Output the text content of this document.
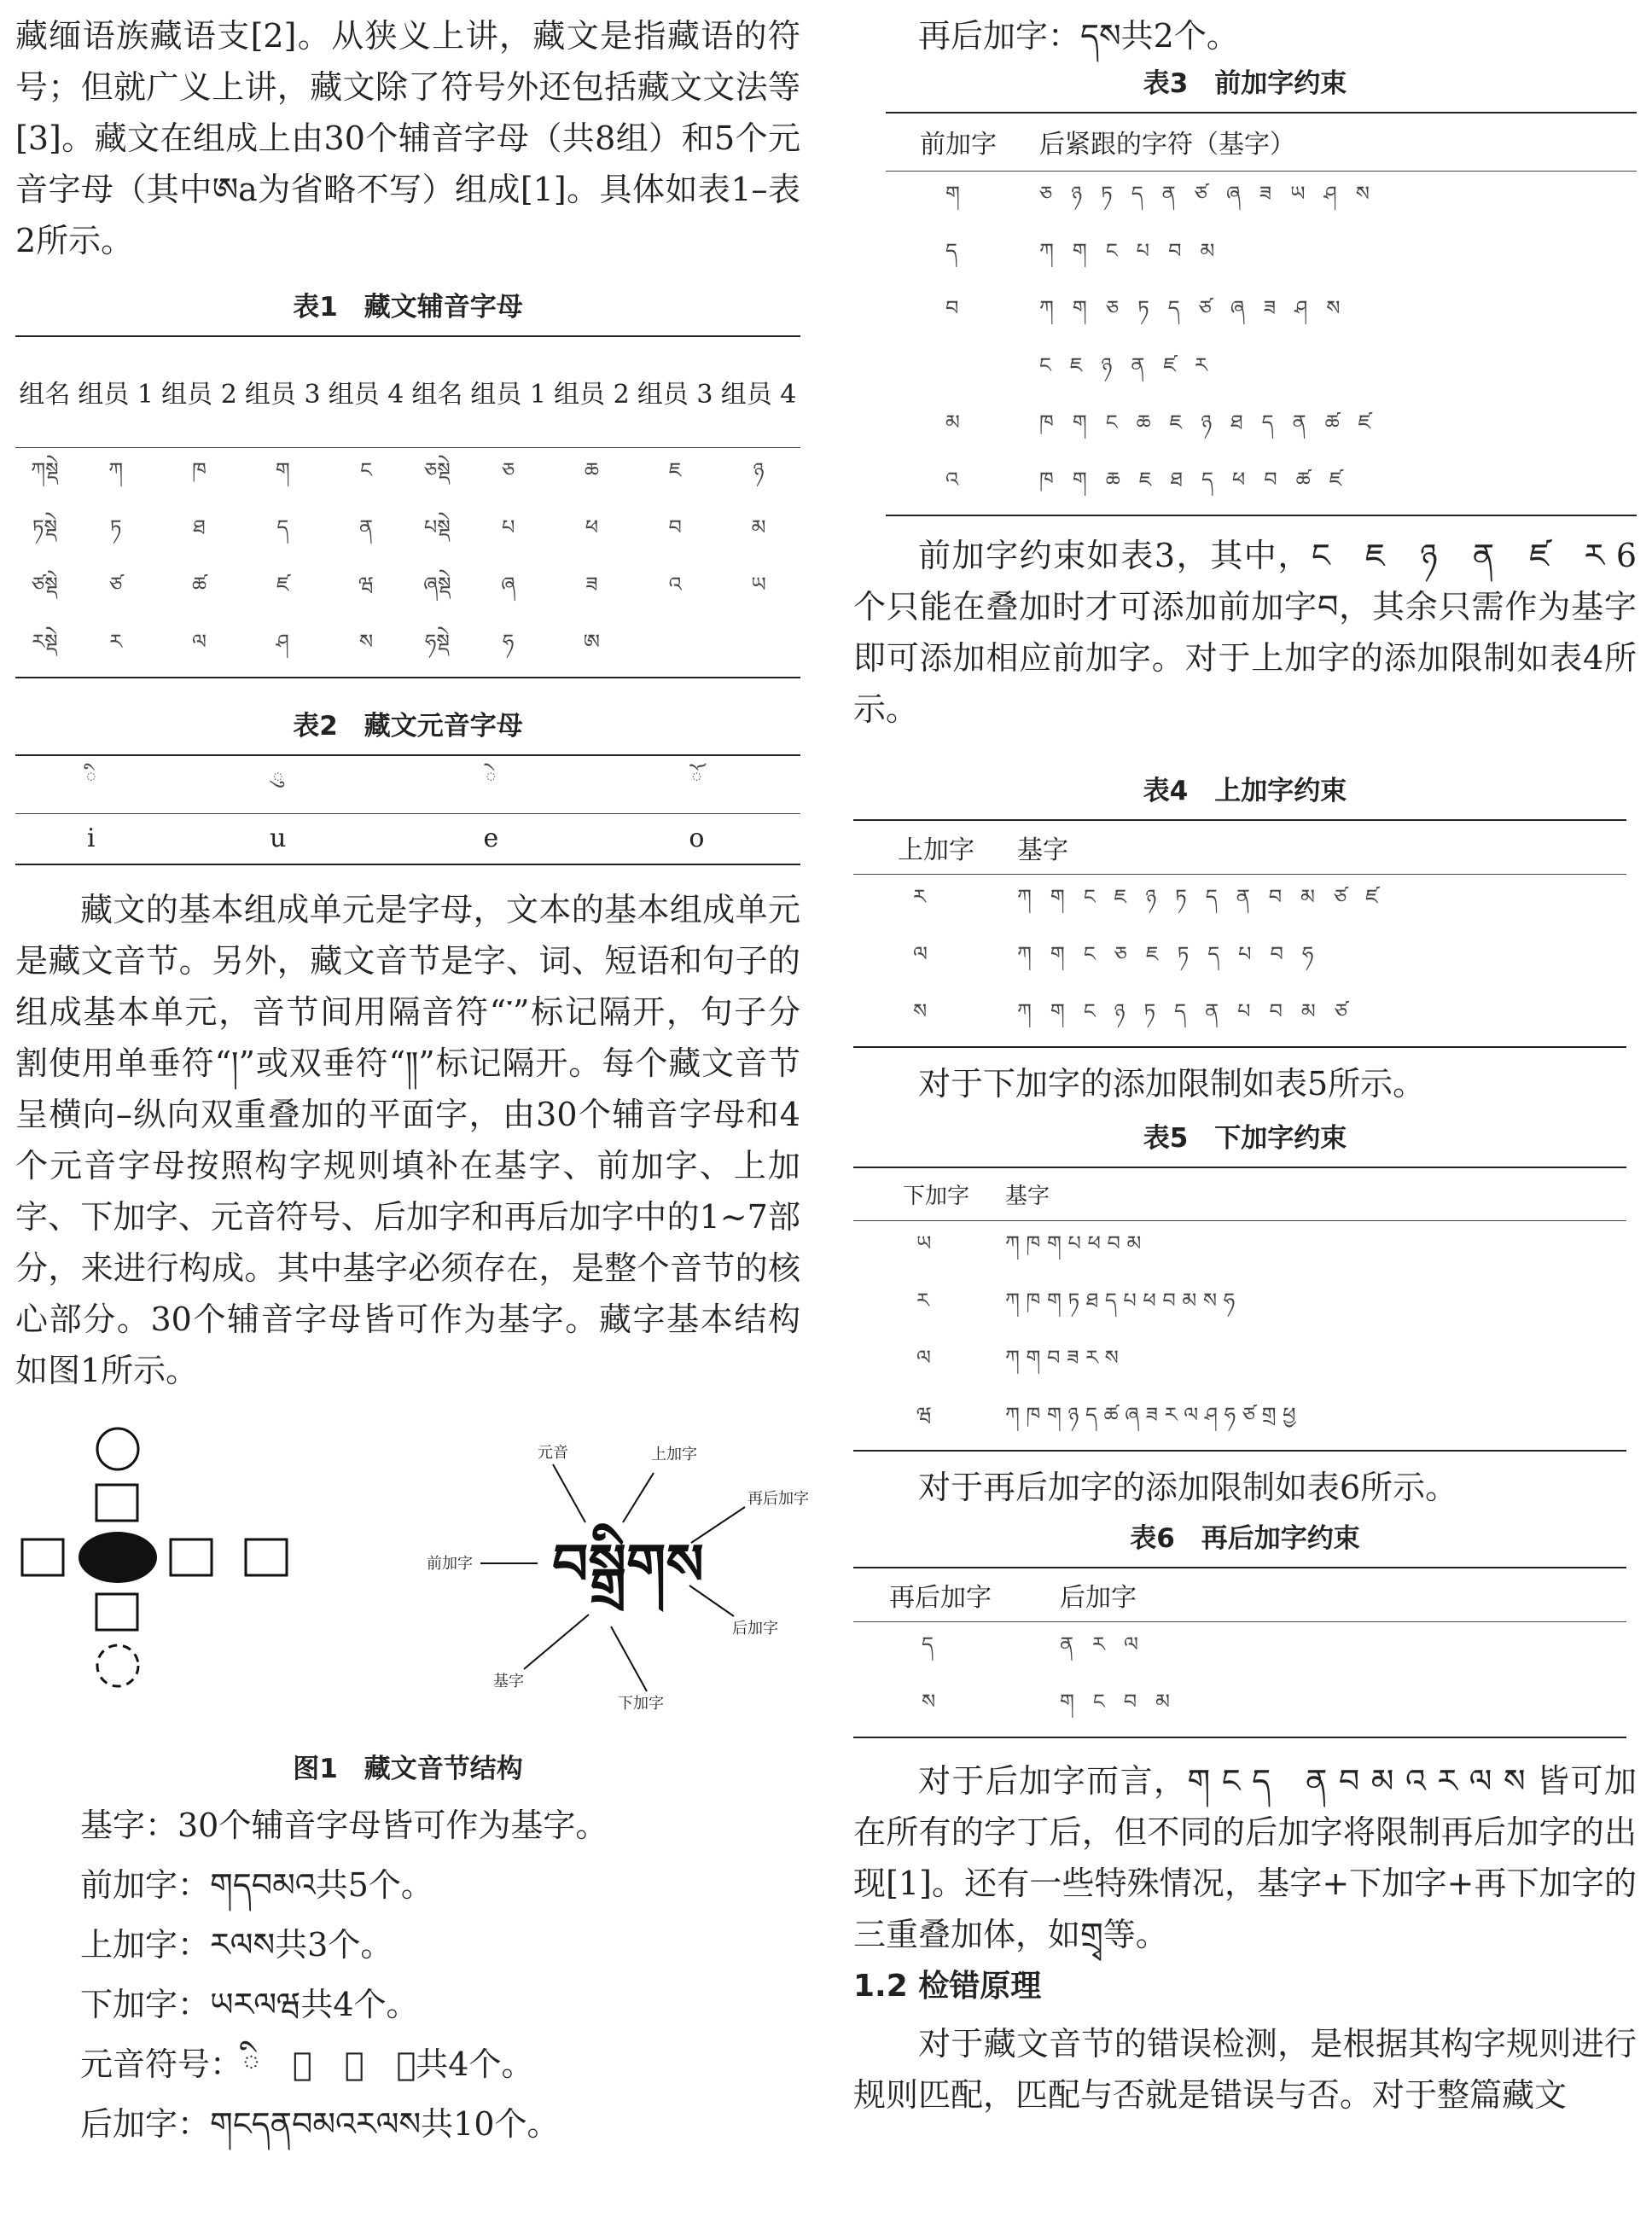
藏缅语族藏语支[2]。从狭义上讲，藏文是指藏语的符号；但就广义上讲，藏文除了符号外还包括藏文文法等[3]。藏文在组成上由30个辅音字母（共8组）和5个元音字母（其中ཨa为省略不写）组成[1]。具体如表1–表2所示。

表1　藏文辅音字母

组名	组员 1	组员 2	组员 3	组员 4	组名	组员 1	组员 2	组员 3	组员 4
ཀསྡེ	ཀ	ཁ	ག	ང	ཅསྡེ	ཅ	ཆ	ཇ	ཉ
ཏསྡེ	ཏ	ཐ	ད	ན	པསྡེ	པ	ཕ	བ	མ
ཙསྡེ	ཙ	ཚ	ཛ	ཝ	ཞསྡེ	ཞ	ཟ	འ	ཡ
རསྡེ	ར	ལ	ཤ	ས	ཧསྡེ	ཧ	ཨ		

表2　藏文元音字母

ི	ུ	ེ	ོ
i	u	e	o

藏文的基本组成单元是字母，文本的基本组成单元是藏文音节。另外，藏文音节是字、词、短语和句子的组成基本单元，音节间用隔音符“་”标记隔开，句子分割使用单垂符“།”或双垂符“༎”标记隔开。每个藏文音节呈横向–纵向双重叠加的平面字，由30个辅音字母和4个元音字母按照构字规则填补在基字、前加字、上加字、下加字、元音符号、后加字和再后加字中的1~7部分，来进行构成。其中基字必须存在，是整个音节的核心部分。30个辅音字母皆可作为基字。藏字基本结构如图1所示。

བསྒྲིགས
元音	上加字
再后加字
前加字
后加字
基字
下加字

图1　藏文音节结构

基字：30个辅音字母皆可作为基字。

前加字：གདབམའ共5个。

上加字：རལས共3个。

下加字：ཡརལཝ共4个。

元音符号：ི　ུ　ེ　ོ共4个。

后加字：གངདནབམའརལས共10个。

再后加字：དས共2个。

表3　前加字约束

前加字	后紧跟的字符（基字）
ག	ཅ ཉ ཏ ད ན ཙ ཞ ཟ ཡ ཤ ས
ད	ཀ ག ང པ བ མ
བ	ཀ ག ཅ ཏ ད ཙ ཞ ཟ ཤ ས
	ང ཇ ཉ ན ཛ ར
མ	ཁ ག ང ཆ ཇ ཉ ཐ ད ན ཚ ཛ
འ	ཁ ག ཆ ཇ ཐ ད ཕ བ ཚ ཛ

前加字约束如表3，其中，ང　ཇ　ཉ　ན　ཛ　ར 6个只能在叠加时才可添加前加字བ，其余只需作为基字即可添加相应前加字。对于上加字的添加限制如表4所示。

表4　上加字约束

上加字	基字
ར	ཀ ག ང ཇ ཉ ཏ ད ན བ མ ཙ ཛ
ལ	ཀ ག ང ཅ ཇ ཏ ད པ བ ཧ
ས	ཀ ག ང ཉ ཏ ད ན པ བ མ ཙ

对于下加字的添加限制如表5所示。

表5　下加字约束

下加字	基字
ཡ	ཀ ཁ ག པ ཕ བ མ
ར	ཀ ཁ ག ཏ ཐ ད པ ཕ བ མ ས ཧ
ལ	ཀ ག བ ཟ ར ས
ཝ	ཀ ཁ ག ཉ ད ཚ ཞ ཟ ར ལ ཤ ཧ ཙ གྲ ཕྱ

对于再后加字的添加限制如表6所示。

表6　再后加字约束

再后加字	后加字
ད	ན ར ལ
ས	ག ང བ མ

对于后加字而言，ག ང ད　ན བ མ འ ར ལ ས 皆可加在所有的字丁后，但不同的后加字将限制再后加字的出现[1]。还有一些特殊情况，基字+下加字+再下加字的三重叠加体，如གྲྭ等。

1.2 检错原理

对于藏文音节的错误检测，是根据其构字规则进行规则匹配，匹配与否就是错误与否。对于整篇藏文
